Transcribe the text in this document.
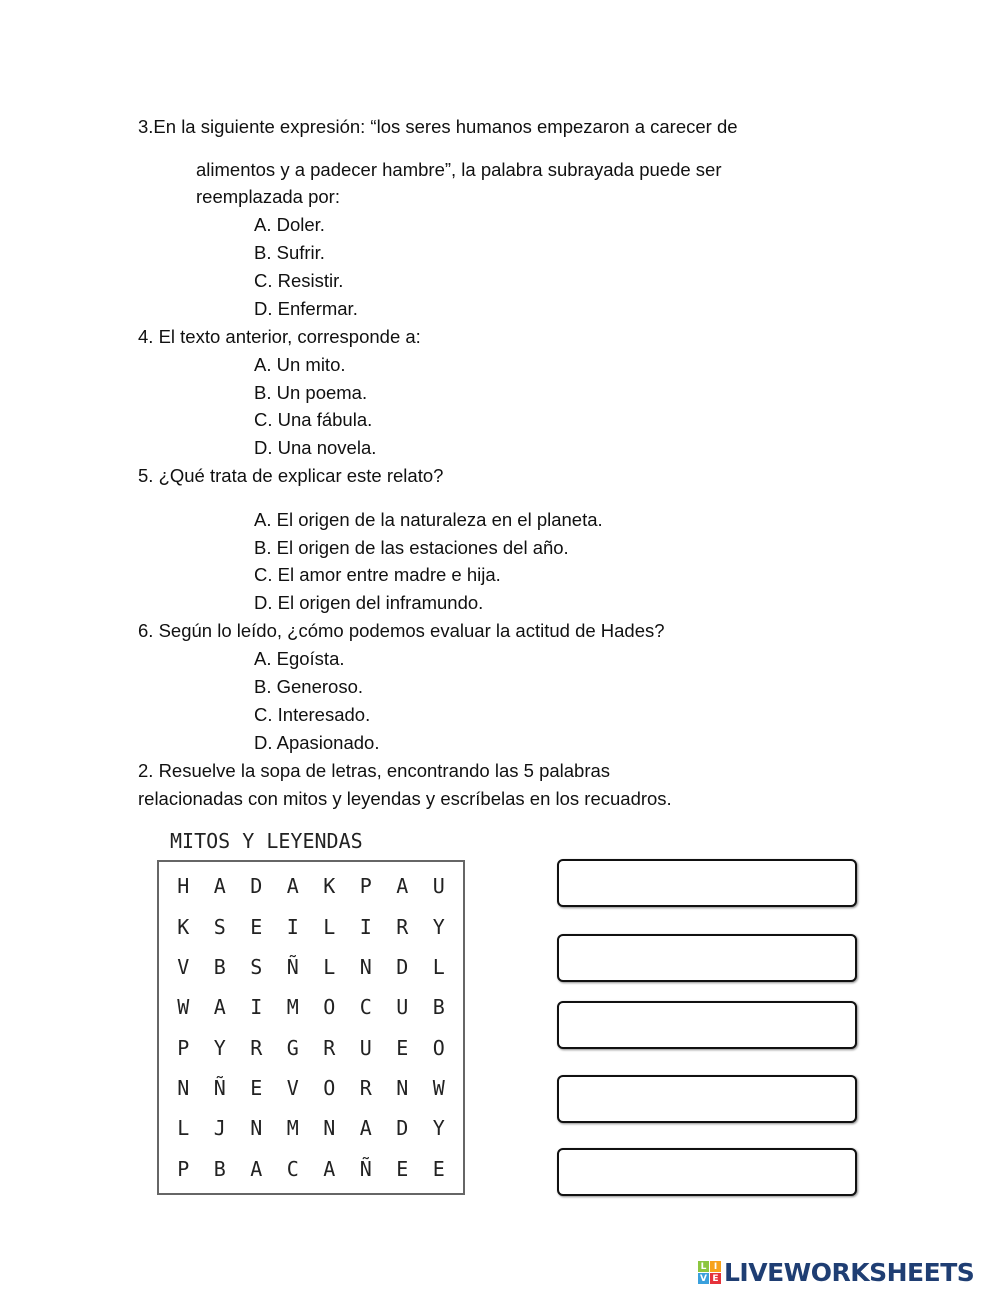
3.En la siguiente expresión: “los seres humanos empezaron a carecer de
alimentos y a padecer hambre”, la palabra subrayada puede ser
reemplazada por:
A. Doler.
B. Sufrir.
C. Resistir.
D. Enfermar.
4. El texto anterior, corresponde a:
A. Un mito.
B. Un poema.
C. Una fábula.
D. Una novela.
5. ¿Qué trata de explicar este relato?
A. El origen de la naturaleza en el planeta.
B. El origen de las estaciones del año.
C. El amor entre madre e hija.
D. El origen del inframundo.
6. Según lo leído, ¿cómo podemos evaluar la actitud de Hades?
A. Egoísta.
B. Generoso.
C. Interesado.
D. Apasionado.
2. Resuelve la sopa de letras, encontrando las 5 palabras
relacionadas con mitos y leyendas y escríbelas en los recuadros.
MITOS Y LEYENDAS
H	A	D	A	K	P	A	U
K	S	E	I	L	I	R	Y
V	B	S	Ñ	L	N	D	L
W	A	I	M	O	C	U	B
P	Y	R	G	R	U	E	O
N	Ñ	E	V	O	R	N	W
L	J	N	M	N	A	D	Y
P	B	A	C	A	Ñ	E	E
L I
V E LIVEWORKSHEETS
